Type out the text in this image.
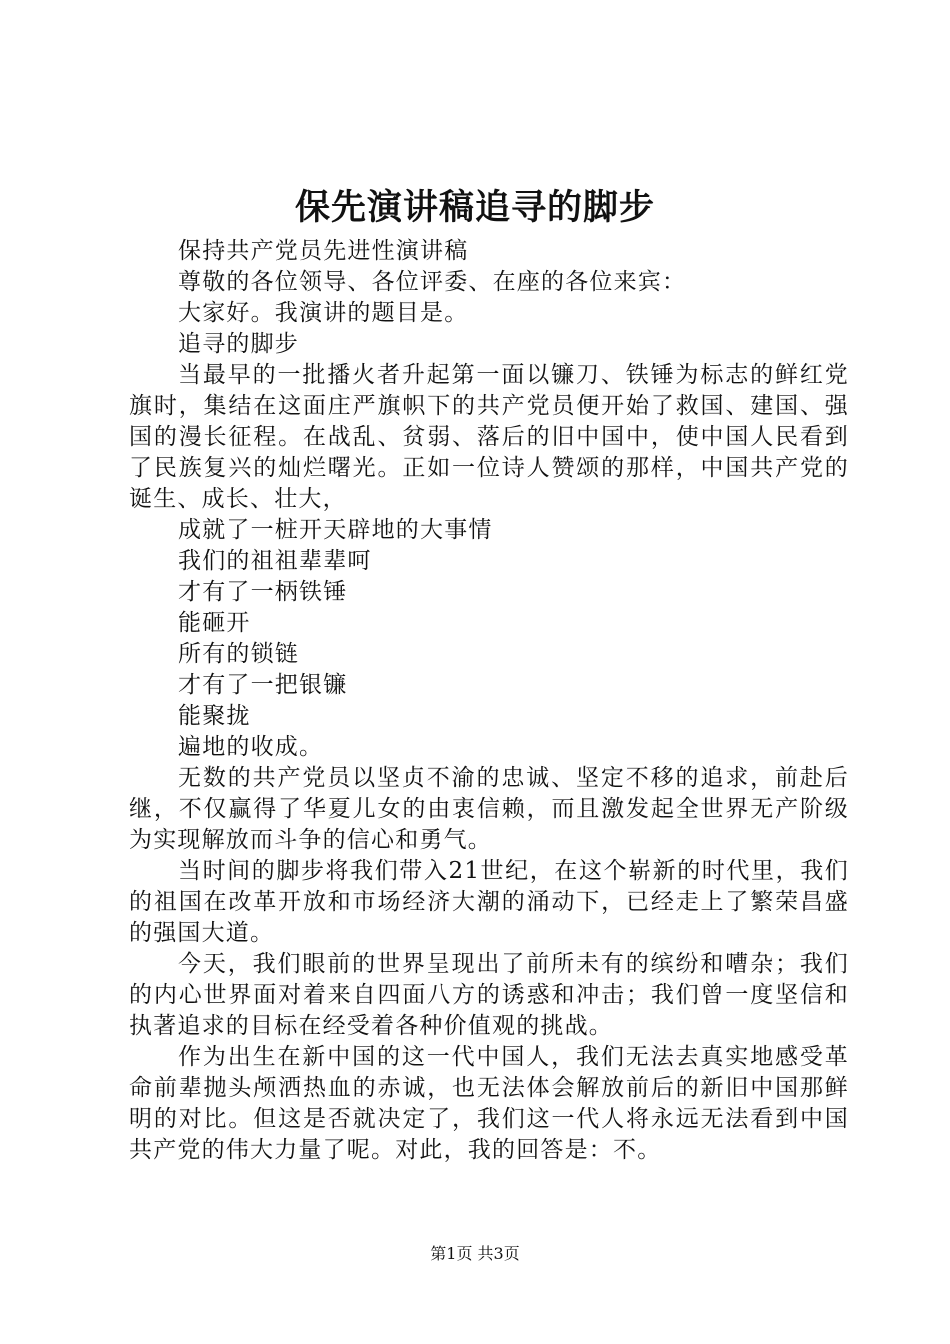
保先演讲稿追寻的脚步

保持共产党员先进性演讲稿

尊敬的各位领导、各位评委、在座的各位来宾：

大家好。我演讲的题目是。

追寻的脚步

当最早的一批播火者升起第一面以镰刀、铁锤为标志的鲜红党旗时，集结在这面庄严旗帜下的共产党员便开始了救国、建国、强国的漫长征程。在战乱、贫弱、落后的旧中国中，使中国人民看到了民族复兴的灿烂曙光。正如一位诗人赞颂的那样，中国共产党的诞生、成长、壮大，

成就了一桩开天辟地的大事情

我们的祖祖辈辈呵

才有了一柄铁锤

能砸开

所有的锁链

才有了一把银镰

能聚拢

遍地的收成。

无数的共产党员以坚贞不渝的忠诚、坚定不移的追求，前赴后继，不仅赢得了华夏儿女的由衷信赖，而且激发起全世界无产阶级为实现解放而斗争的信心和勇气。

当时间的脚步将我们带入21世纪，在这个崭新的时代里，我们的祖国在改革开放和市场经济大潮的涌动下，已经走上了繁荣昌盛的强国大道。

今天，我们眼前的世界呈现出了前所未有的缤纷和嘈杂；我们的内心世界面对着来自四面八方的诱惑和冲击；我们曾一度坚信和执著追求的目标在经受着各种价值观的挑战。

作为出生在新中国的这一代中国人，我们无法去真实地感受革命前辈抛头颅洒热血的赤诚，也无法体会解放前后的新旧中国那鲜明的对比。但这是否就决定了，我们这一代人将永远无法看到中国共产党的伟大力量了呢。对此，我的回答是：不。

第1页 共3页
